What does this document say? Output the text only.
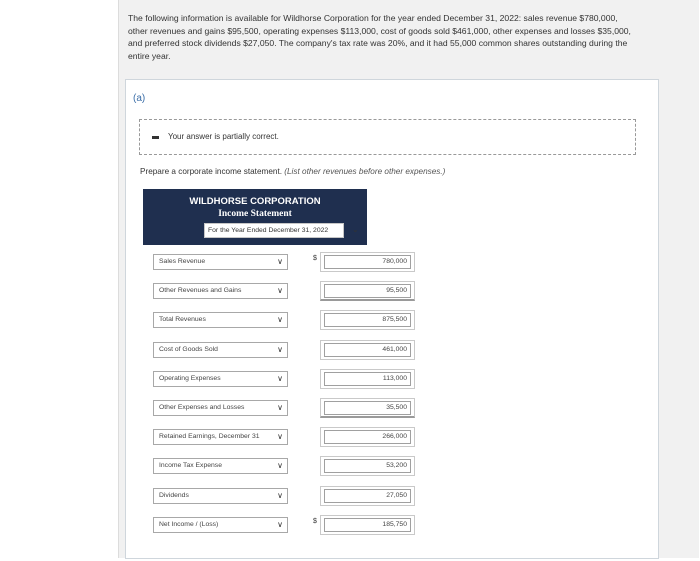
The following information is available for Wildhorse Corporation for the year ended December 31, 2022: sales revenue $780,000, other revenues and gains $95,500, operating expenses $113,000, cost of goods sold $461,000, other expenses and losses $35,000, and preferred stock dividends $27,050. The company's tax rate was 20%, and it had 55,000 common shares outstanding during the entire year.
(a)
Your answer is partially correct.
Prepare a corporate income statement. (List other revenues before other expenses.)
WILDHORSE CORPORATION
Income Statement
For the Year Ended December 31, 2022	⌄
Sales Revenue	∨	$	780,000
Other Revenues and Gains	∨	95,500
Total Revenues	∨	875,500
Cost of Goods Sold	∨	461,000
Operating Expenses	∨	113,000
Other Expenses and Losses	∨	35,500
Retained Earnings, December 31 ∨	266,000
Income Tax Expense	∨	53,200
Dividends	∨	27,050
Net Income / (Loss)	∨	$	185,750
